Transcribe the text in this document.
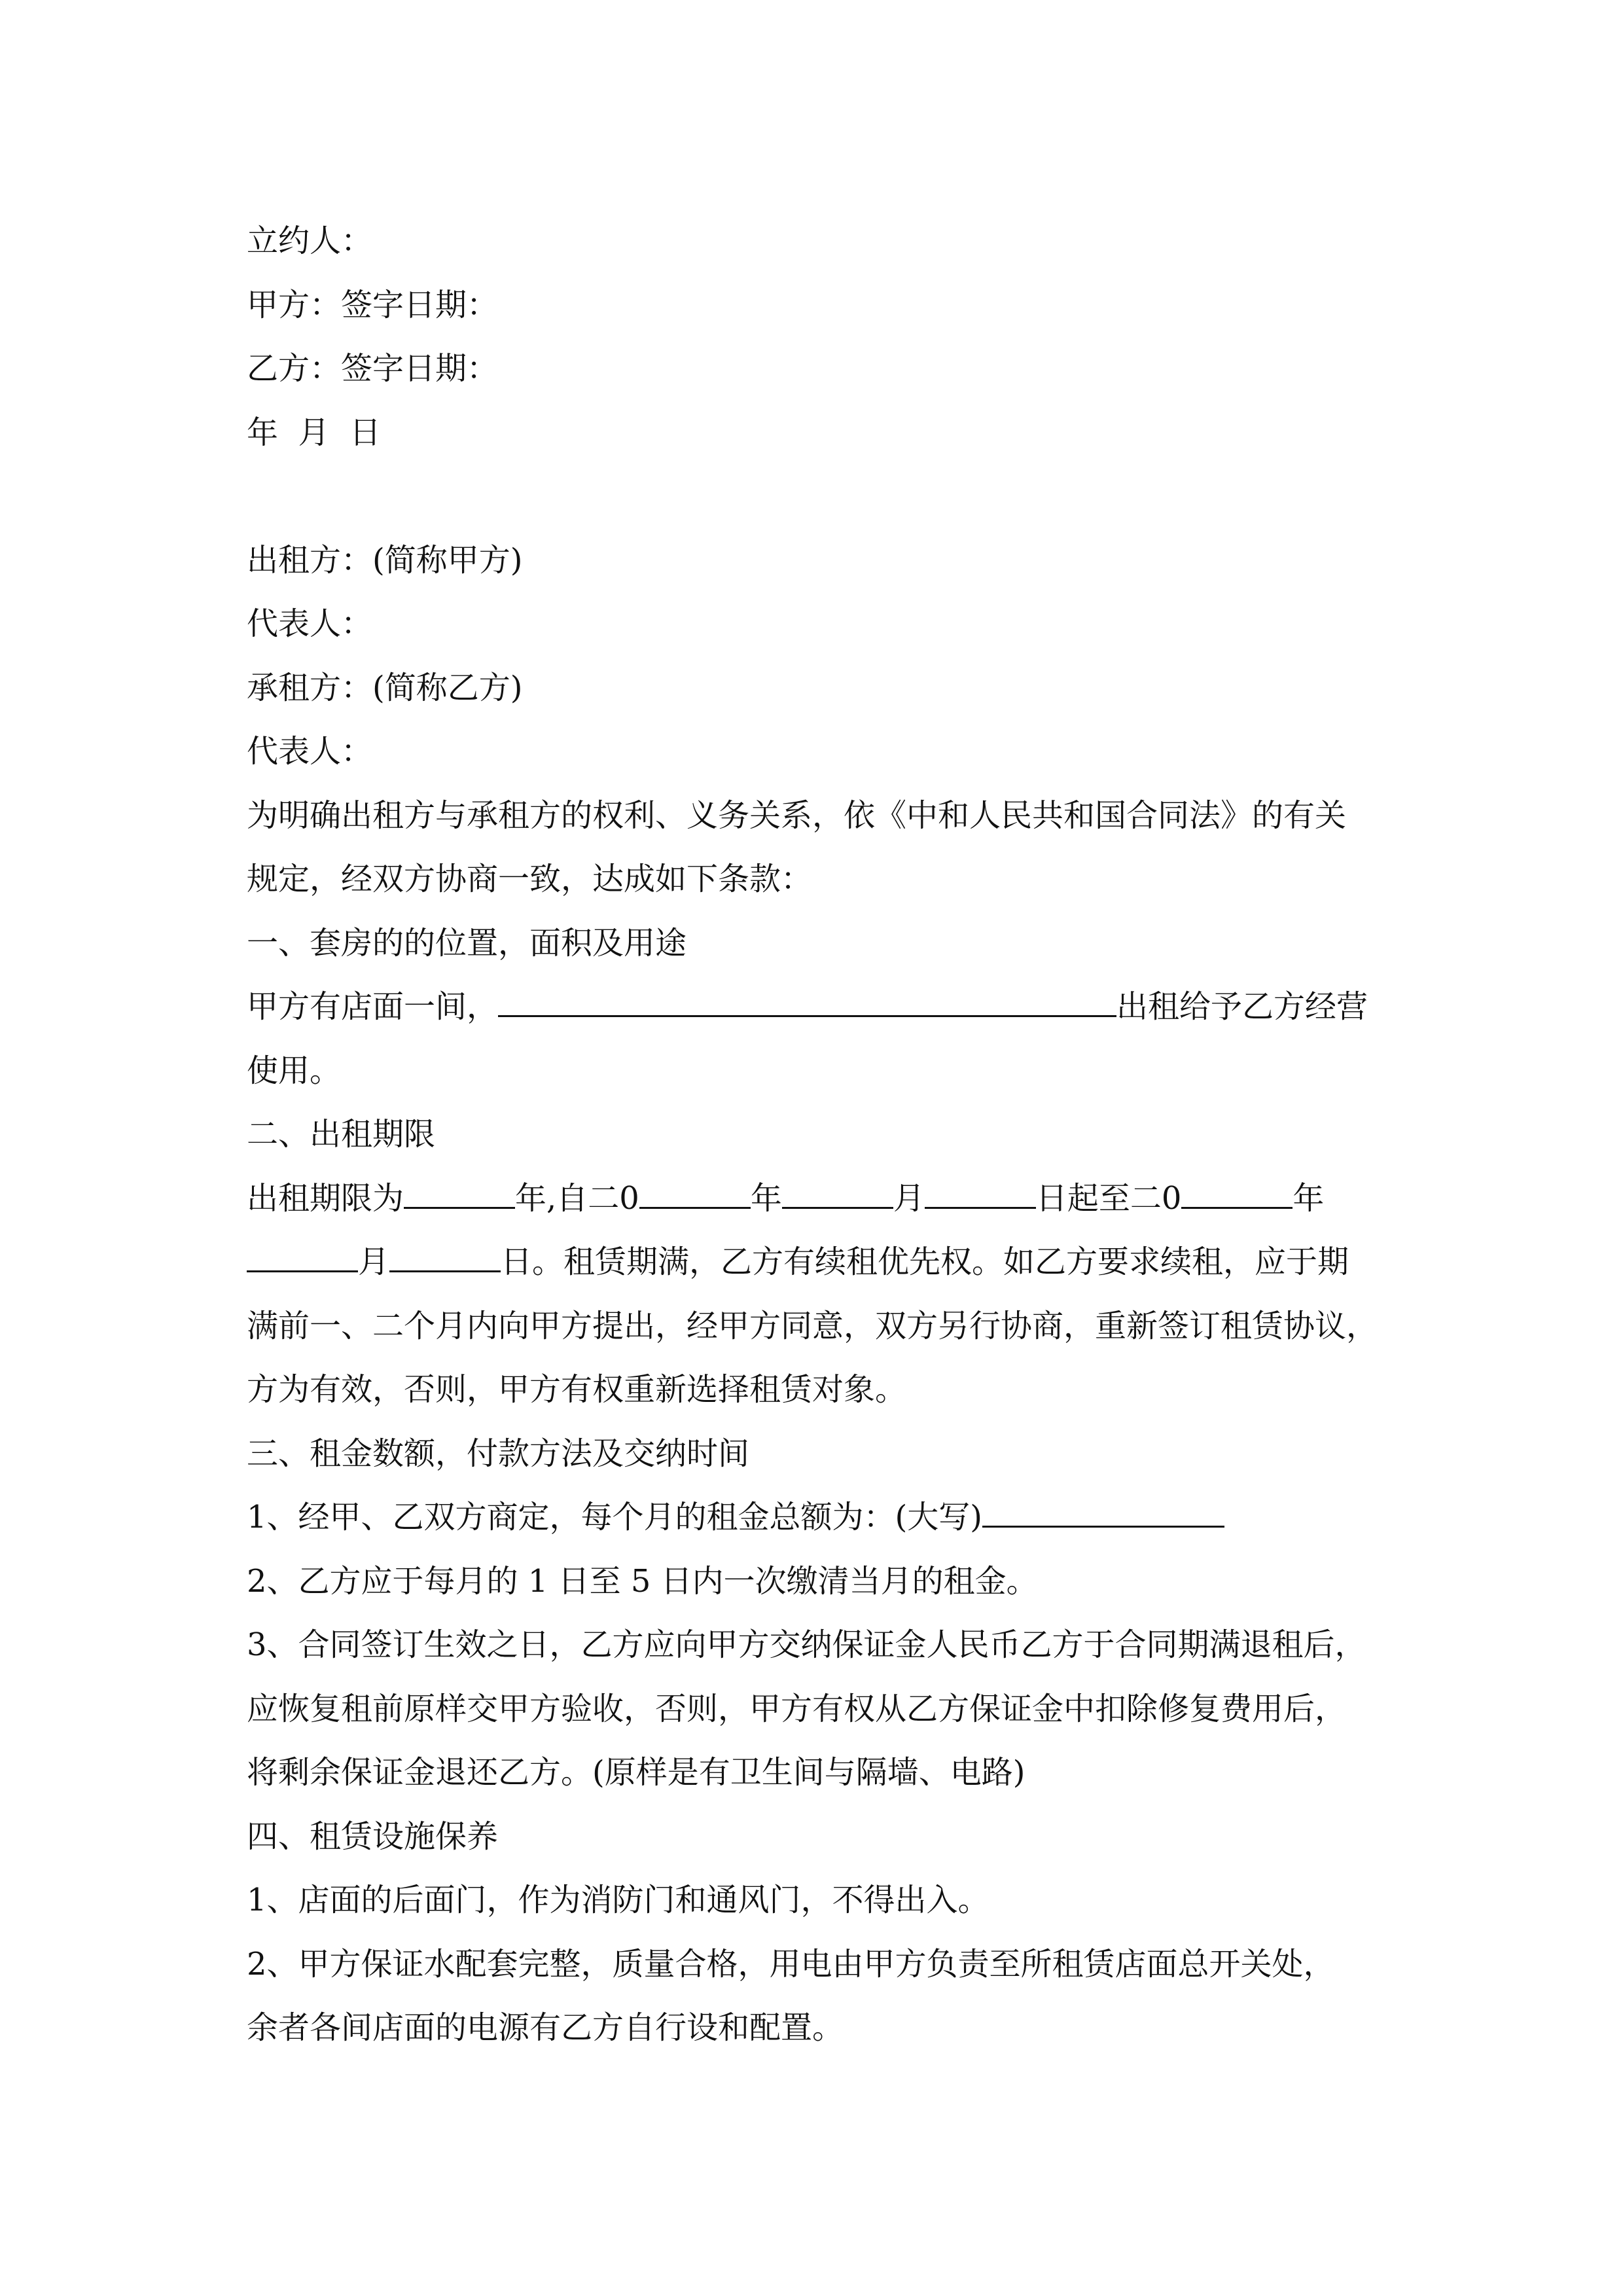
立约人：
甲方：签字日期：
乙方：签字日期：
年  月  日
出租方：(简称甲方)
代表人：
承租方：(简称乙方)
代表人：
为明确出租方与承租方的权利、义务关系，依《中和人民共和国合同法》的有关
规定，经双方协商一致，达成如下条款：
一、套房的的位置，面积及用途
甲方有店面一间，	出租给予乙方经营
使用。
二、出租期限
出租期限为	年,自二0	年	月	日起至二0	年
月	日。租赁期满，乙方有续租优先权。如乙方要求续租，应于期
满前一、二个月内向甲方提出，经甲方同意，双方另行协商，重新签订租赁协议，
方为有效，否则，甲方有权重新选择租赁对象。
三、租金数额，付款方法及交纳时间
1、经甲、乙双方商定，每个月的租金总额为：(大写)
2、乙方应于每月的 1 日至 5 日内一次缴清当月的租金。
3、合同签订生效之日，乙方应向甲方交纳保证金人民币乙方于合同期满退租后，
应恢复租前原样交甲方验收，否则，甲方有权从乙方保证金中扣除修复费用后，
将剩余保证金退还乙方。(原样是有卫生间与隔墙、电路)
四、租赁设施保养
1、店面的后面门，作为消防门和通风门，不得出入。
2、甲方保证水配套完整，质量合格，用电由甲方负责至所租赁店面总开关处，
余者各间店面的电源有乙方自行设和配置。
